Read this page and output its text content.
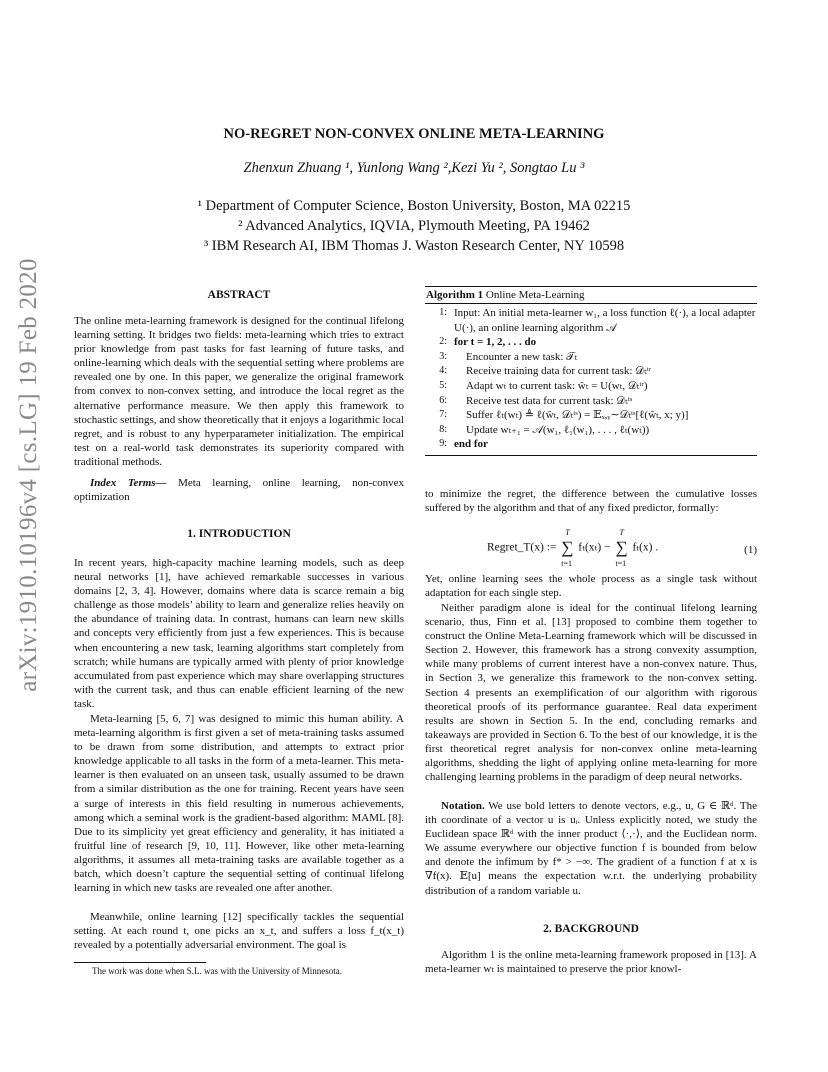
arXiv:1910.10196v4 [cs.LG] 19 Feb 2020
NO-REGRET NON-CONVEX ONLINE META-LEARNING
Zhenxun Zhuang ¹, Yunlong Wang ²,Kezi Yu ², Songtao Lu ³
¹ Department of Computer Science, Boston University, Boston, MA 02215
² Advanced Analytics, IQVIA, Plymouth Meeting, PA 19462
³ IBM Research AI, IBM Thomas J. Waston Research Center, NY 10598
ABSTRACT

The online meta-learning framework is designed for the continual lifelong learning setting. It bridges two fields: meta-learning which tries to extract prior knowledge from past tasks for fast learning of future tasks, and online-learning which deals with the sequential setting where problems are revealed one by one. In this paper, we generalize the original framework from convex to non-convex setting, and introduce the local regret as the alternative performance measure. We then apply this framework to stochastic settings, and show theoretically that it enjoys a logarithmic local regret, and is robust to any hyperparameter initialization. The empirical test on a real-world task demonstrates its superiority compared with traditional methods.

Index Terms— Meta learning, online learning, non-convex optimization

1. INTRODUCTION

In recent years, high-capacity machine learning models, such as deep neural networks [1], have achieved remarkable successes in various domains [2, 3, 4]. However, domains where data is scarce remain a big challenge as those models’ ability to learn and generalize relies heavily on the abundance of training data. In contrast, humans can learn new skills and concepts very efficiently from just a few experiences. This is because when encountering a new task, learning algorithms start completely from scratch; while humans are typically armed with plenty of prior knowledge accumulated from past experience which may share overlapping structures with the current task, and thus can enable efficient learning of the new task.

Meta-learning [5, 6, 7] was designed to mimic this human ability. A meta-learning algorithm is first given a set of meta-training tasks assumed to be drawn from some distribution, and attempts to extract prior knowledge applicable to all tasks in the form of a meta-learner. This meta-learner is then evaluated on an unseen task, usually assumed to be drawn from a similar distribution as the one for training. Recent years have seen a surge of interests in this field resulting in numerous achievements, among which a seminal work is the gradient-based algorithm: MAML [8]. Due to its simplicity yet great efficiency and generality, it has initiated a fruitful line of research [9, 10, 11]. However, like other meta-learning algorithms, it assumes all meta-training tasks are available together as a batch, which doesn’t capture the sequential setting of continual lifelong learning in which new tasks are revealed one after another.

Meanwhile, online learning [12] specifically tackles the sequential setting. At each round t, one picks an x_t, and suffers a loss f_t(x_t) revealed by a potentially adversarial environment. The goal is

The work was done when S.L. was with the University of Minnesota.
Algorithm 1 Online Meta-Learning
1: Input: An initial meta-learner w₁, a loss function ℓ(·), a local adapter U(·), an online learning algorithm 𝒜
2: for t = 1, 2, . . . do
3:	Encounter a new task: 𝒯ₜ
4:	Receive training data for current task: 𝒟ₜᵗʳ
5:	Adapt wₜ to current task: ŵₜ = U(wₜ, 𝒟ₜᵗʳ)
6:	Receive test data for current task: 𝒟ₜᵗˢ
7:	Suffer ℓₜ(wₜ) ≜ ℓ(ŵₜ, 𝒟ₜᵗˢ) = 𝔼ₓ,ᵧ∼𝒟ₜᵗˢ[ℓ(ŵₜ, x; y)]
8:	Update wₜ₊₁ = 𝒜(w₁, ℓ₁(w₁), . . . , ℓₜ(wₜ))
9: end for

to minimize the regret, the difference between the cumulative losses suffered by the algorithm and that of any fixed predictor, formally:

Regret_T(x) := ∑
T
t=1
fₜ(xₜ) − ∑
T
t=1
fₜ(x) .	(1)

Yet, online learning sees the whole process as a single task without adaptation for each single step.

Neither paradigm alone is ideal for the continual lifelong learning scenario, thus, Finn et al. [13] proposed to combine them together to construct the Online Meta-Learning framework which will be discussed in Section 2. However, this framework has a strong convexity assumption, while many problems of current interest have a non-convex nature. Thus, in Section 3, we generalize this framework to the non-convex setting. Section 4 presents an exemplification of our algorithm with rigorous theoretical proofs of its performance guarantee. Real data experiment results are shown in Section 5. In the end, concluding remarks and takeaways are provided in Section 6. To the best of our knowledge, it is the first theoretical regret analysis for non-convex online meta-learning algorithms, shedding the light of applying online meta-learning for more challenging learning problems in the paradigm of deep neural networks.

Notation. We use bold letters to denote vectors, e.g., u, G ∈ ℝᵈ. The ith coordinate of a vector u is uᵢ. Unless explicitly noted, we study the Euclidean space ℝᵈ with the inner product ⟨·,·⟩, and the Euclidean norm. We assume everywhere our objective function f is bounded from below and denote the infimum by f* > −∞. The gradient of a function f at x is ∇f(x). 𝔼[u] means the expectation w.r.t. the underlying probability distribution of a random variable u.

2. BACKGROUND

Algorithm 1 is the online meta-learning framework proposed in [13]. A meta-learner wₜ is maintained to preserve the prior knowl-
